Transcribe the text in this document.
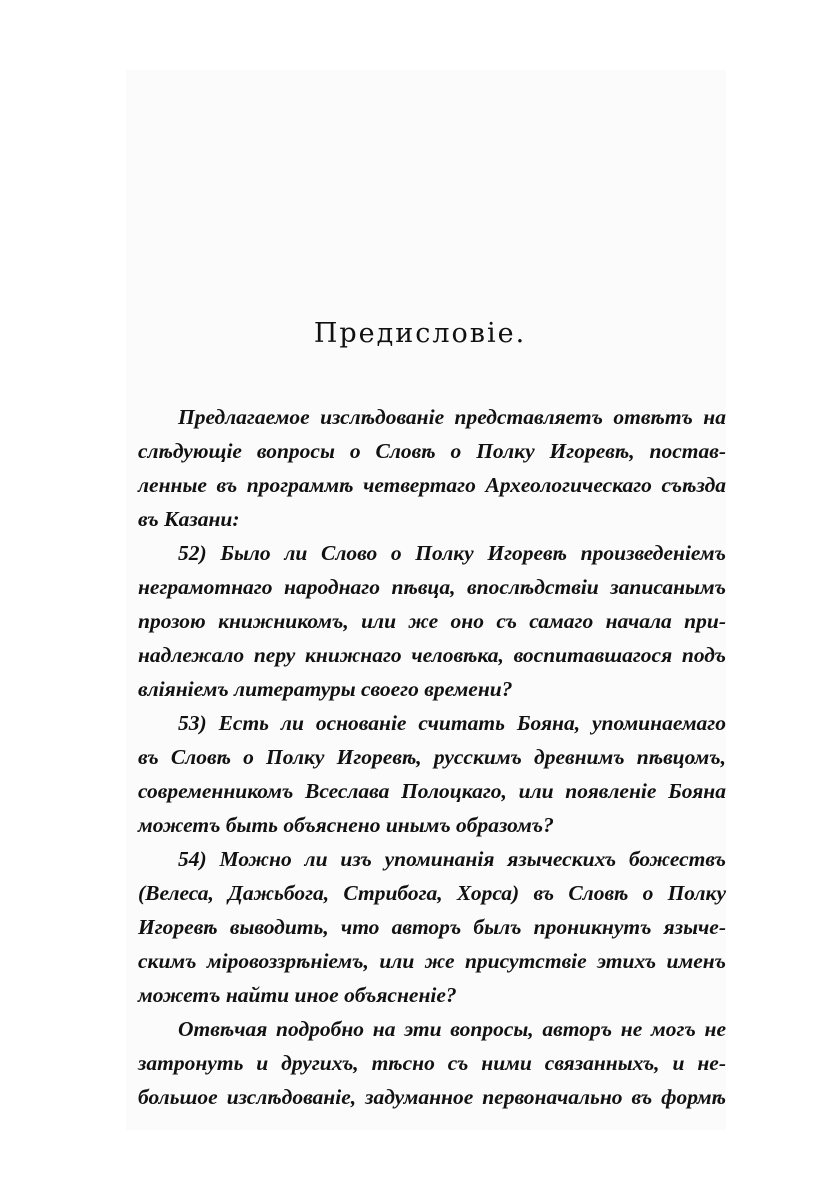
Предисловіе.
Предлагаемое изслѣдованіе представляетъ отвѣтъ на
слѣдующіе вопросы о Словѣ о Полку Игоревѣ, постав-
ленные въ программѣ четвертаго Археологическаго съѣзда
въ Казани:
52) Было ли Слово о Полку Игоревѣ произведеніемъ
неграмотнаго народнаго пѣвца, впослѣдствіи записанымъ
прозою книжникомъ, или же оно съ самаго начала при-
надлежало перу книжнаго человѣка, воспитавшагося подъ
вліяніемъ литературы своего времени?
53) Есть ли основаніе считать Бояна, упоминаемаго
въ Словѣ о Полку Игоревѣ, русскимъ древнимъ пѣвцомъ,
современникомъ Всеслава Полоцкаго, или появленіе Бояна
можетъ быть объяснено инымъ образомъ?
54) Можно ли изъ упоминанія языческихъ божествъ
(Велеса, Дажьбога, Стрибога, Хорса) въ Словѣ о Полку
Игоревѣ выводить, что авторъ былъ проникнутъ языче-
скимъ міровоззрѣніемъ, или же присутствіе этихъ именъ
можетъ найти иное объясненіе?
Отвѣчая подробно на эти вопросы, авторъ не могъ не
затронуть и другихъ, тѣсно съ ними связанныхъ, и не-
большое изслѣдованіе, задуманное первоначально въ формѣ
